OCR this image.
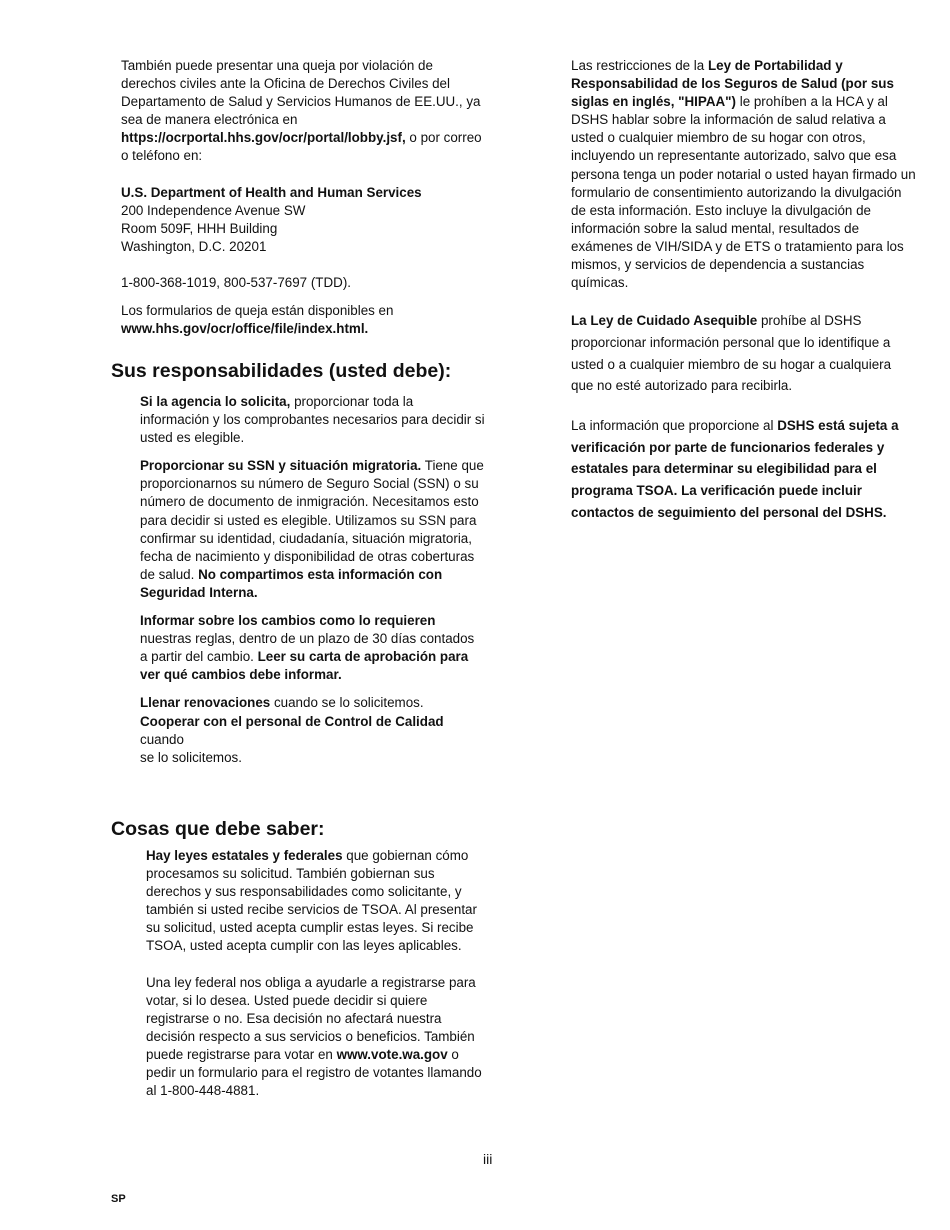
También puede presentar una queja por violación de derechos civiles ante la Oficina de Derechos Civiles del Departamento de Salud y Servicios Humanos de EE.UU., ya sea de manera electrónica en https://ocrportal.hhs.gov/ocr/portal/lobby.jsf, o por correo o teléfono en:

U.S. Department of Health and Human Services
200 Independence Avenue SW
Room 509F, HHH Building
Washington, D.C. 20201

1-800-368-1019, 800-537-7697 (TDD).

Los formularios de queja están disponibles en
www.hhs.gov/ocr/office/file/index.html.

Sus responsabilidades (usted debe):

Si la agencia lo solicita, proporcionar toda la información y los comprobantes necesarios para decidir si usted es elegible.

Proporcionar su SSN y situación migratoria. Tiene que proporcionarnos su número de Seguro Social (SSN) o su número de documento de inmigración. Necesitamos esto para decidir si usted es elegible. Utilizamos su SSN para confirmar su identidad, ciudadanía, situación migratoria, fecha de nacimiento y disponibilidad de otras coberturas de salud. No compartimos esta información con Seguridad Interna.

Informar sobre los cambios como lo requieren nuestras reglas, dentro de un plazo de 30 días contados a partir del cambio. Leer su carta de aprobación para ver qué cambios debe informar.

Llenar renovaciones cuando se lo solicitemos.
Cooperar con el personal de Control de Calidad
cuando
se lo solicitemos.

Cosas que debe saber:

Hay leyes estatales y federales que gobiernan cómo procesamos su solicitud. También gobiernan sus derechos y sus responsabilidades como solicitante, y también si usted recibe servicios de TSOA. Al presentar su solicitud, usted acepta cumplir estas leyes. Si recibe TSOA, usted acepta cumplir con las leyes aplicables.

Una ley federal nos obliga a ayudarle a registrarse para votar, si lo desea. Usted puede decidir si quiere registrarse o no. Esa decisión no afectará nuestra decisión respecto a sus servicios o beneficios. También puede registrarse para votar en www.vote.wa.gov o pedir un formulario para el registro de votantes llamando al 1-800-448-4881.

Las restricciones de la Ley de Portabilidad y Responsabilidad de los Seguros de Salud (por sus siglas en inglés, "HIPAA") le prohíben a la HCA y al DSHS hablar sobre la información de salud relativa a usted o cualquier miembro de su hogar con otros, incluyendo un representante autorizado, salvo que esa persona tenga un poder notarial o usted hayan firmado un formulario de consentimiento autorizando la divulgación de esta información. Esto incluye la divulgación de información sobre la salud mental, resultados de exámenes de VIH/SIDA y de ETS o tratamiento para los mismos, y servicios de dependencia a sustancias químicas.

La Ley de Cuidado Asequible prohíbe al DSHS proporcionar información personal que lo identifique a usted o a cualquier miembro de su hogar a cualquiera que no esté autorizado para recibirla.

La información que proporcione al DSHS está sujeta a verificación por parte de funcionarios federales y estatales para determinar su elegibilidad para el programa TSOA. La verificación puede incluir contactos de seguimiento del personal del DSHS.

iii
SP
